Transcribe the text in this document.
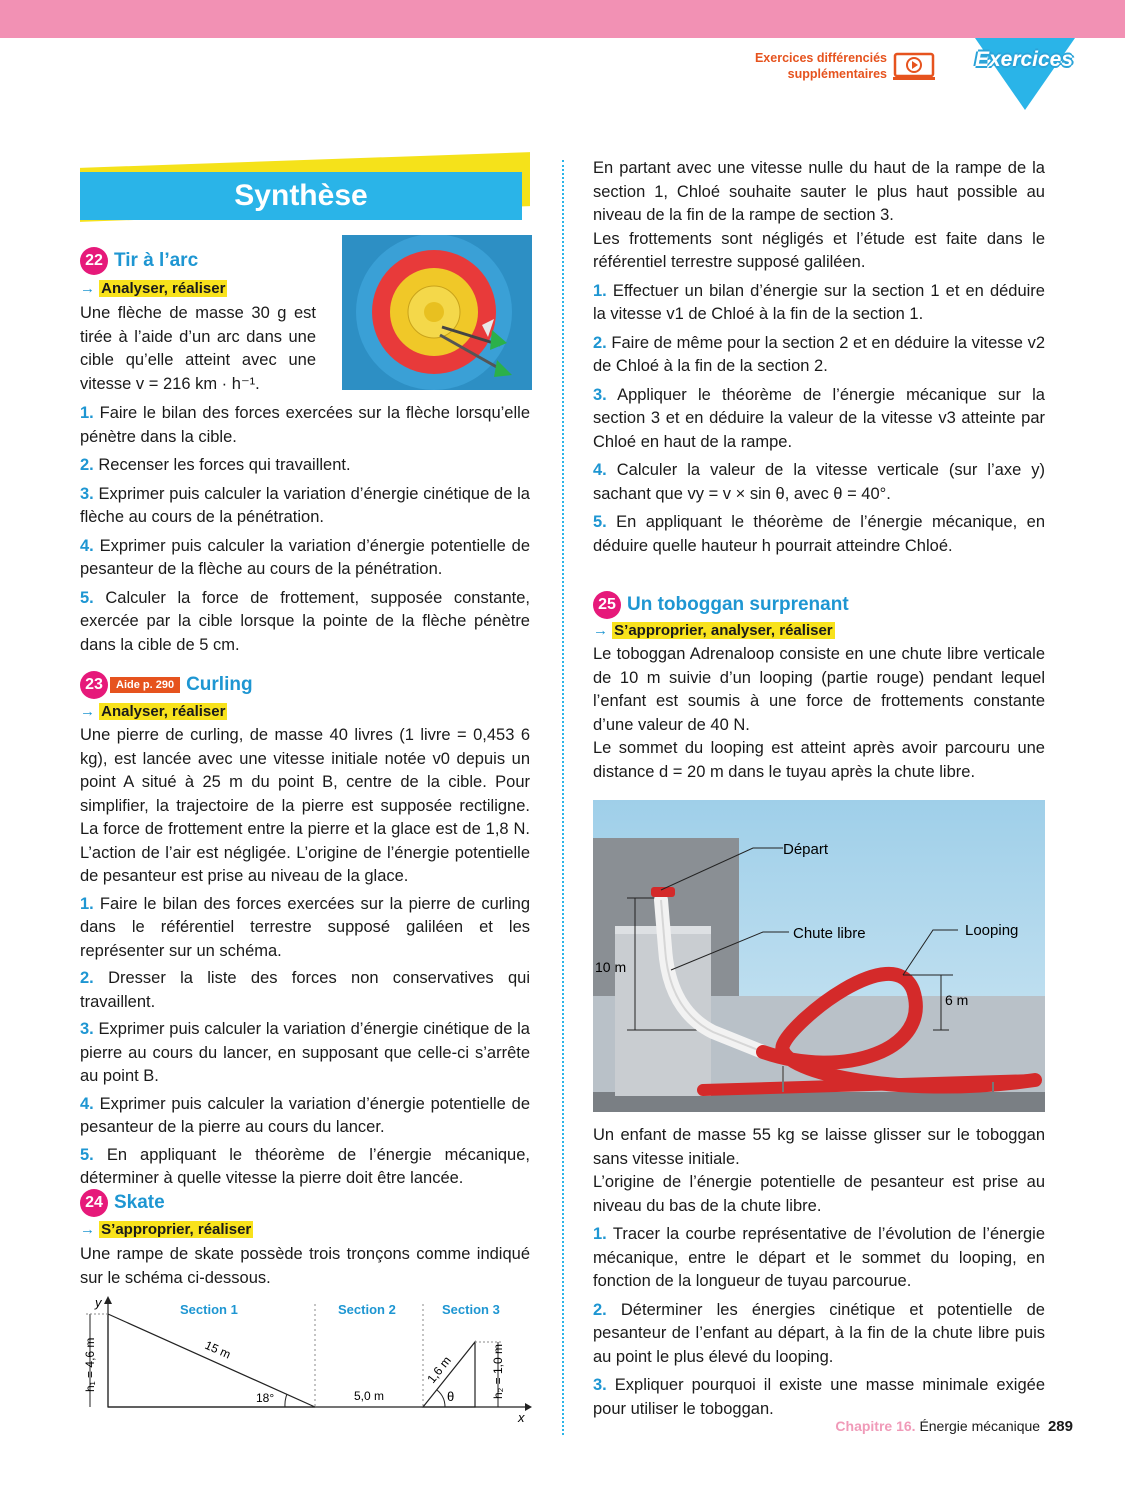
Exercices différenciés
supplémentaires
Exercices
Synthèse
22 Tir à l’arc
→ Analyser, réaliser

Une flèche de masse 30 g est tirée à l’aide d’un arc dans une cible qu’elle atteint avec une vitesse v = 216 km · h⁻¹.

1. Faire le bilan des forces exercées sur la flèche lorsqu’elle pénètre dans la cible.

2. Recenser les forces qui travaillent.

3. Exprimer puis calculer la variation d’énergie cinétique de la flèche au cours de la pénétration.

4. Exprimer puis calculer la variation d’énergie potentielle de pesanteur de la flèche au cours de la pénétration.

5. Calculer la force de frottement, supposée constante, exercée par la cible lorsque la pointe de la flèche pénètre dans la cible de 5 cm.

23 Aide p. 290 Curling
→ Analyser, réaliser

Une pierre de curling, de masse 40 livres (1 livre = 0,453 6 kg), est lancée avec une vitesse initiale notée v0 depuis un point A situé à 25 m du point B, centre de la cible. Pour simplifier, la trajectoire de la pierre est supposée rectiligne. La force de frottement entre la pierre et la glace est de 1,8 N. L’action de l’air est négligée. L’origine de l’énergie potentielle de pesanteur est prise au niveau de la glace.

1. Faire le bilan des forces exercées sur la pierre de curling dans le référentiel terrestre supposé galiléen et les représenter sur un schéma.

2. Dresser la liste des forces non conservatives qui travaillent.

3. Exprimer puis calculer la variation d’énergie cinétique de la pierre au cours du lancer, en supposant que celle-ci s’arrête au point B.

4. Exprimer puis calculer la variation d’énergie potentielle de pesanteur de la pierre au cours du lancer.

5. En appliquant le théorème de l’énergie mécanique, déterminer à quelle vitesse la pierre doit être lancée.

24 Skate
→ S’approprier, réaliser

Une rampe de skate possède trois tronçons comme indiqué sur le schéma ci-dessous.

y
x
Section 1	Section 2	Section 3
h₁ = 4,6 m	15 m
18°	5,0 m	θ
1,6 m	h₂ = 1,0 m

En partant avec une vitesse nulle du haut de la rampe de la section 1, Chloé souhaite sauter le plus haut possible au niveau de la fin de la rampe de section 3.

Les frottements sont négligés et l’étude est faite dans le référentiel terrestre supposé galiléen.

1. Effectuer un bilan d’énergie sur la section 1 et en déduire la vitesse v1 de Chloé à la fin de la section 1.

2. Faire de même pour la section 2 et en déduire la vitesse v2 de Chloé à la fin de la section 2.

3. Appliquer le théorème de l’énergie mécanique sur la section 3 et en déduire la valeur de la vitesse v3 atteinte par Chloé en haut de la rampe.

4. Calculer la valeur de la vitesse verticale (sur l’axe y) sachant que vy = v × sin θ, avec θ = 40°.

5. En appliquant le théorème de l’énergie mécanique, en déduire quelle hauteur h pourrait atteindre Chloé.

25 Un toboggan surprenant
→ S’approprier, analyser, réaliser

Le toboggan Adrenaloop consiste en une chute libre verticale de 10 m suivie d’un looping (partie rouge) pendant lequel l’enfant est soumis à une force de frottements constante d’une valeur de 40 N.

Le sommet du looping est atteint après avoir parcouru une distance d = 20 m dans le tuyau après la chute libre.

10 m
6 m
Départ
Chute libre	Looping

Un enfant de masse 55 kg se laisse glisser sur le toboggan sans vitesse initiale.

L’origine de l’énergie potentielle de pesanteur est prise au niveau du bas de la chute libre.

1. Tracer la courbe représentative de l’évolution de l’énergie mécanique, entre le départ et le sommet du looping, en fonction de la longueur de tuyau parcourue.

2. Déterminer les énergies cinétique et potentielle de pesanteur de l’enfant au départ, à la fin de la chute libre puis au point le plus élevé du looping.

3. Expliquer pourquoi il existe une masse minimale exigée pour utiliser le toboggan.

Chapitre 16. Énergie mécanique 289
